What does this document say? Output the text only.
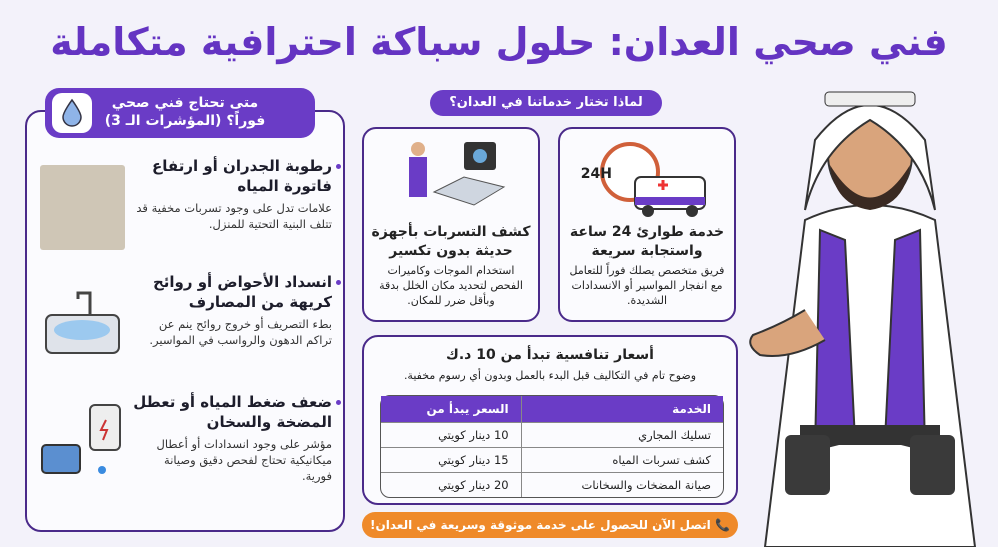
فني صحي العدان: حلول سباكة احترافية متكاملة
متى تحتاج فني صحي فوراً؟ (المؤشرات الـ 3)
رطوبة الجدران أو ارتفاع فاتورة المياه

علامات تدل على وجود تسربات مخفية قد تتلف البنية التحتية للمنزل.

انسداد الأحواض أو روائح كريهة من المصارف

بطء التصريف أو خروج روائح ينم عن تراكم الدهون والرواسب في المواسير.

ضعف ضغط المياه أو تعطل المضخة والسخان

مؤشر على وجود انسدادات أو أعطال ميكانيكية تحتاج لفحص دقيق وصيانة فورية.

لماذا تختار خدماتنا في العدان؟
24H
خدمة طوارئ 24 ساعة واستجابة سريعة

فريق متخصص يصلك فوراً للتعامل مع انفجار المواسير أو الانسدادات الشديدة.

كشف التسربات بأجهزة حديثة بدون تكسير

استخدام الموجات وكاميرات الفحص لتحديد مكان الخلل بدقة وبأقل ضرر للمكان.

أسعار تنافسية تبدأ من 10 د.ك
وضوح تام في التكاليف قبل البدء بالعمل وبدون أي رسوم مخفية.
الخدمة	السعر يبدأ من
تسليك المجاري	10 دينار كويتي
كشف تسربات المياه	15 دينار كويتي
صيانة المضخات والسخانات	20 دينار كويتي
📞 اتصل الآن للحصول على خدمة موثوقة وسريعة في العدان!
